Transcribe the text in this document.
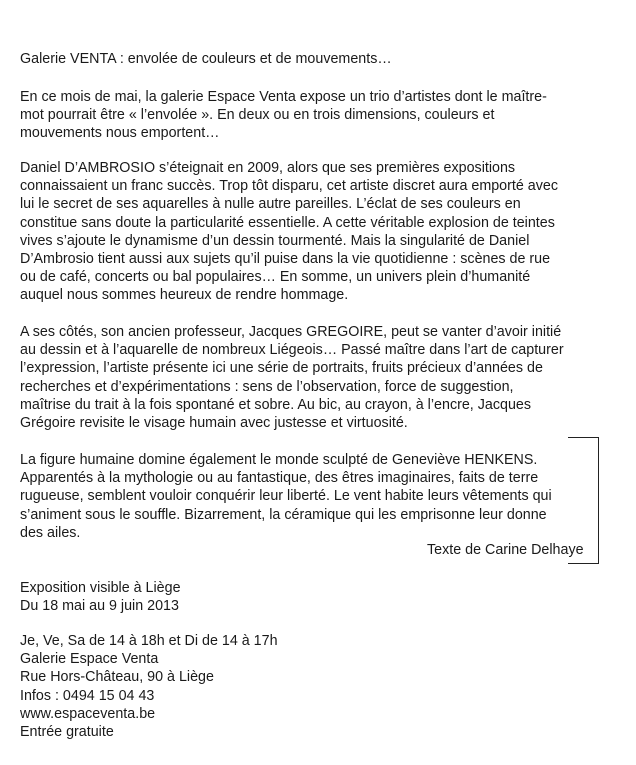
Galerie VENTA : envolée de couleurs et de mouvements…
En ce mois de mai, la galerie Espace Venta expose un trio d’artistes dont le maître-
mot pourrait être « l’envolée ». En deux ou en trois dimensions, couleurs et
mouvements nous emportent…
Daniel D’AMBROSIO s’éteignait en 2009, alors que ses premières expositions
connaissaient un franc succès. Trop tôt disparu, cet artiste discret aura emporté avec
lui le secret de ses aquarelles à nulle autre pareilles. L’éclat de ses couleurs en
constitue sans doute la particularité essentielle. A cette véritable explosion de teintes
vives s’ajoute le dynamisme d’un dessin tourmenté. Mais la singularité de Daniel
D’Ambrosio tient aussi aux sujets qu’il puise dans la vie quotidienne : scènes de rue
ou de café, concerts ou bal populaires… En somme, un univers plein d’humanité
auquel nous sommes heureux de rendre hommage.
A ses côtés, son ancien professeur, Jacques GREGOIRE, peut se vanter d’avoir initié
au dessin et à l’aquarelle de nombreux Liégeois… Passé maître dans l’art de capturer
l’expression, l’artiste présente ici une série de portraits, fruits précieux d’années de
recherches et d’expérimentations : sens de l’observation, force de suggestion,
maîtrise du trait à la fois spontané et sobre. Au bic, au crayon, à l’encre, Jacques
Grégoire revisite le visage humain avec justesse et virtuosité.
La figure humaine domine également le monde sculpté de Geneviève HENKENS.
Apparentés à la mythologie ou au fantastique, des êtres imaginaires, faits de terre
rugueuse, semblent vouloir conquérir leur liberté. Le vent habite leurs vêtements qui
s’animent sous le souffle. Bizarrement, la céramique qui les emprisonne leur donne
des ailes.
Texte de Carine Delhaye
Exposition visible à Liège
Du 18 mai au 9 juin 2013
Je, Ve, Sa de 14 à 18h et Di de 14 à 17h
Galerie Espace Venta
Rue Hors-Château, 90 à Liège
Infos : 0494 15 04 43
www.espaceventa.be
Entrée gratuite
